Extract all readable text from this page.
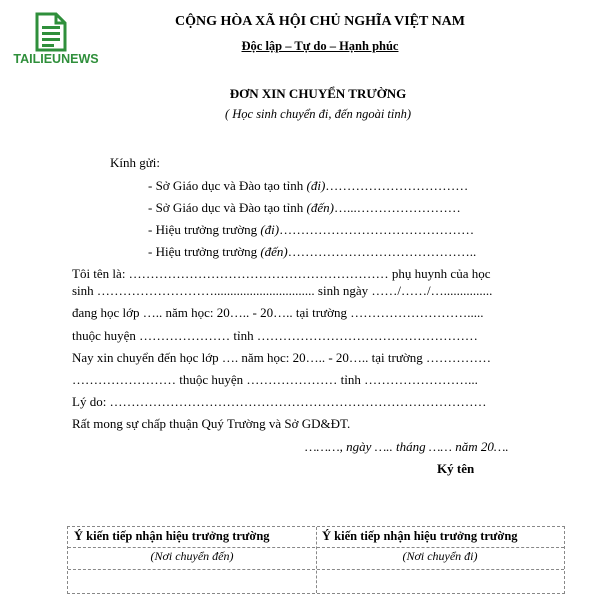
TAILIEUNEWS
CỘNG HÒA XÃ HỘI CHỦ NGHĨA VIỆT NAM
Độc lập – Tự do – Hạnh phúc
ĐƠN XIN CHUYỂN TRƯỜNG
( Học sinh chuyển đi, đến ngoài tỉnh)
Kính gửi:
- Sở Giáo dục và Đào tạo tỉnh (đi)……………………………
- Sở Giáo dục và Đào tạo tỉnh (đến)…...……………………
- Hiệu trưởng trường (đi)………………………………………
- Hiệu trưởng trường (đến)……………………………………..
Tôi tên là: …………………………………………………… phụ huynh của học
sinh ………………………............................... sinh ngày ……/……/…...............
đang học lớp ….. năm học: 20….. - 20….. tại trường ……………………….....
thuộc huyện ………………… tỉnh ……………………………………………
Nay xin chuyển đến học lớp …. năm học: 20….. - 20….. tại trường ……………
…………………… thuộc huyện ………………… tỉnh ……………………...
Lý do: ……………………………………………………………………………
Rất mong sự chấp thuận Quý Trường và Sở GD&ĐT.
………, ngày ….. tháng …… năm 20….
Ký tên
Ý kiến tiếp nhận hiệu trưởng trường	Ý kiến tiếp nhận hiệu trưởng trường
(Nơi chuyển đến)	(Nơi chuyển đi)
